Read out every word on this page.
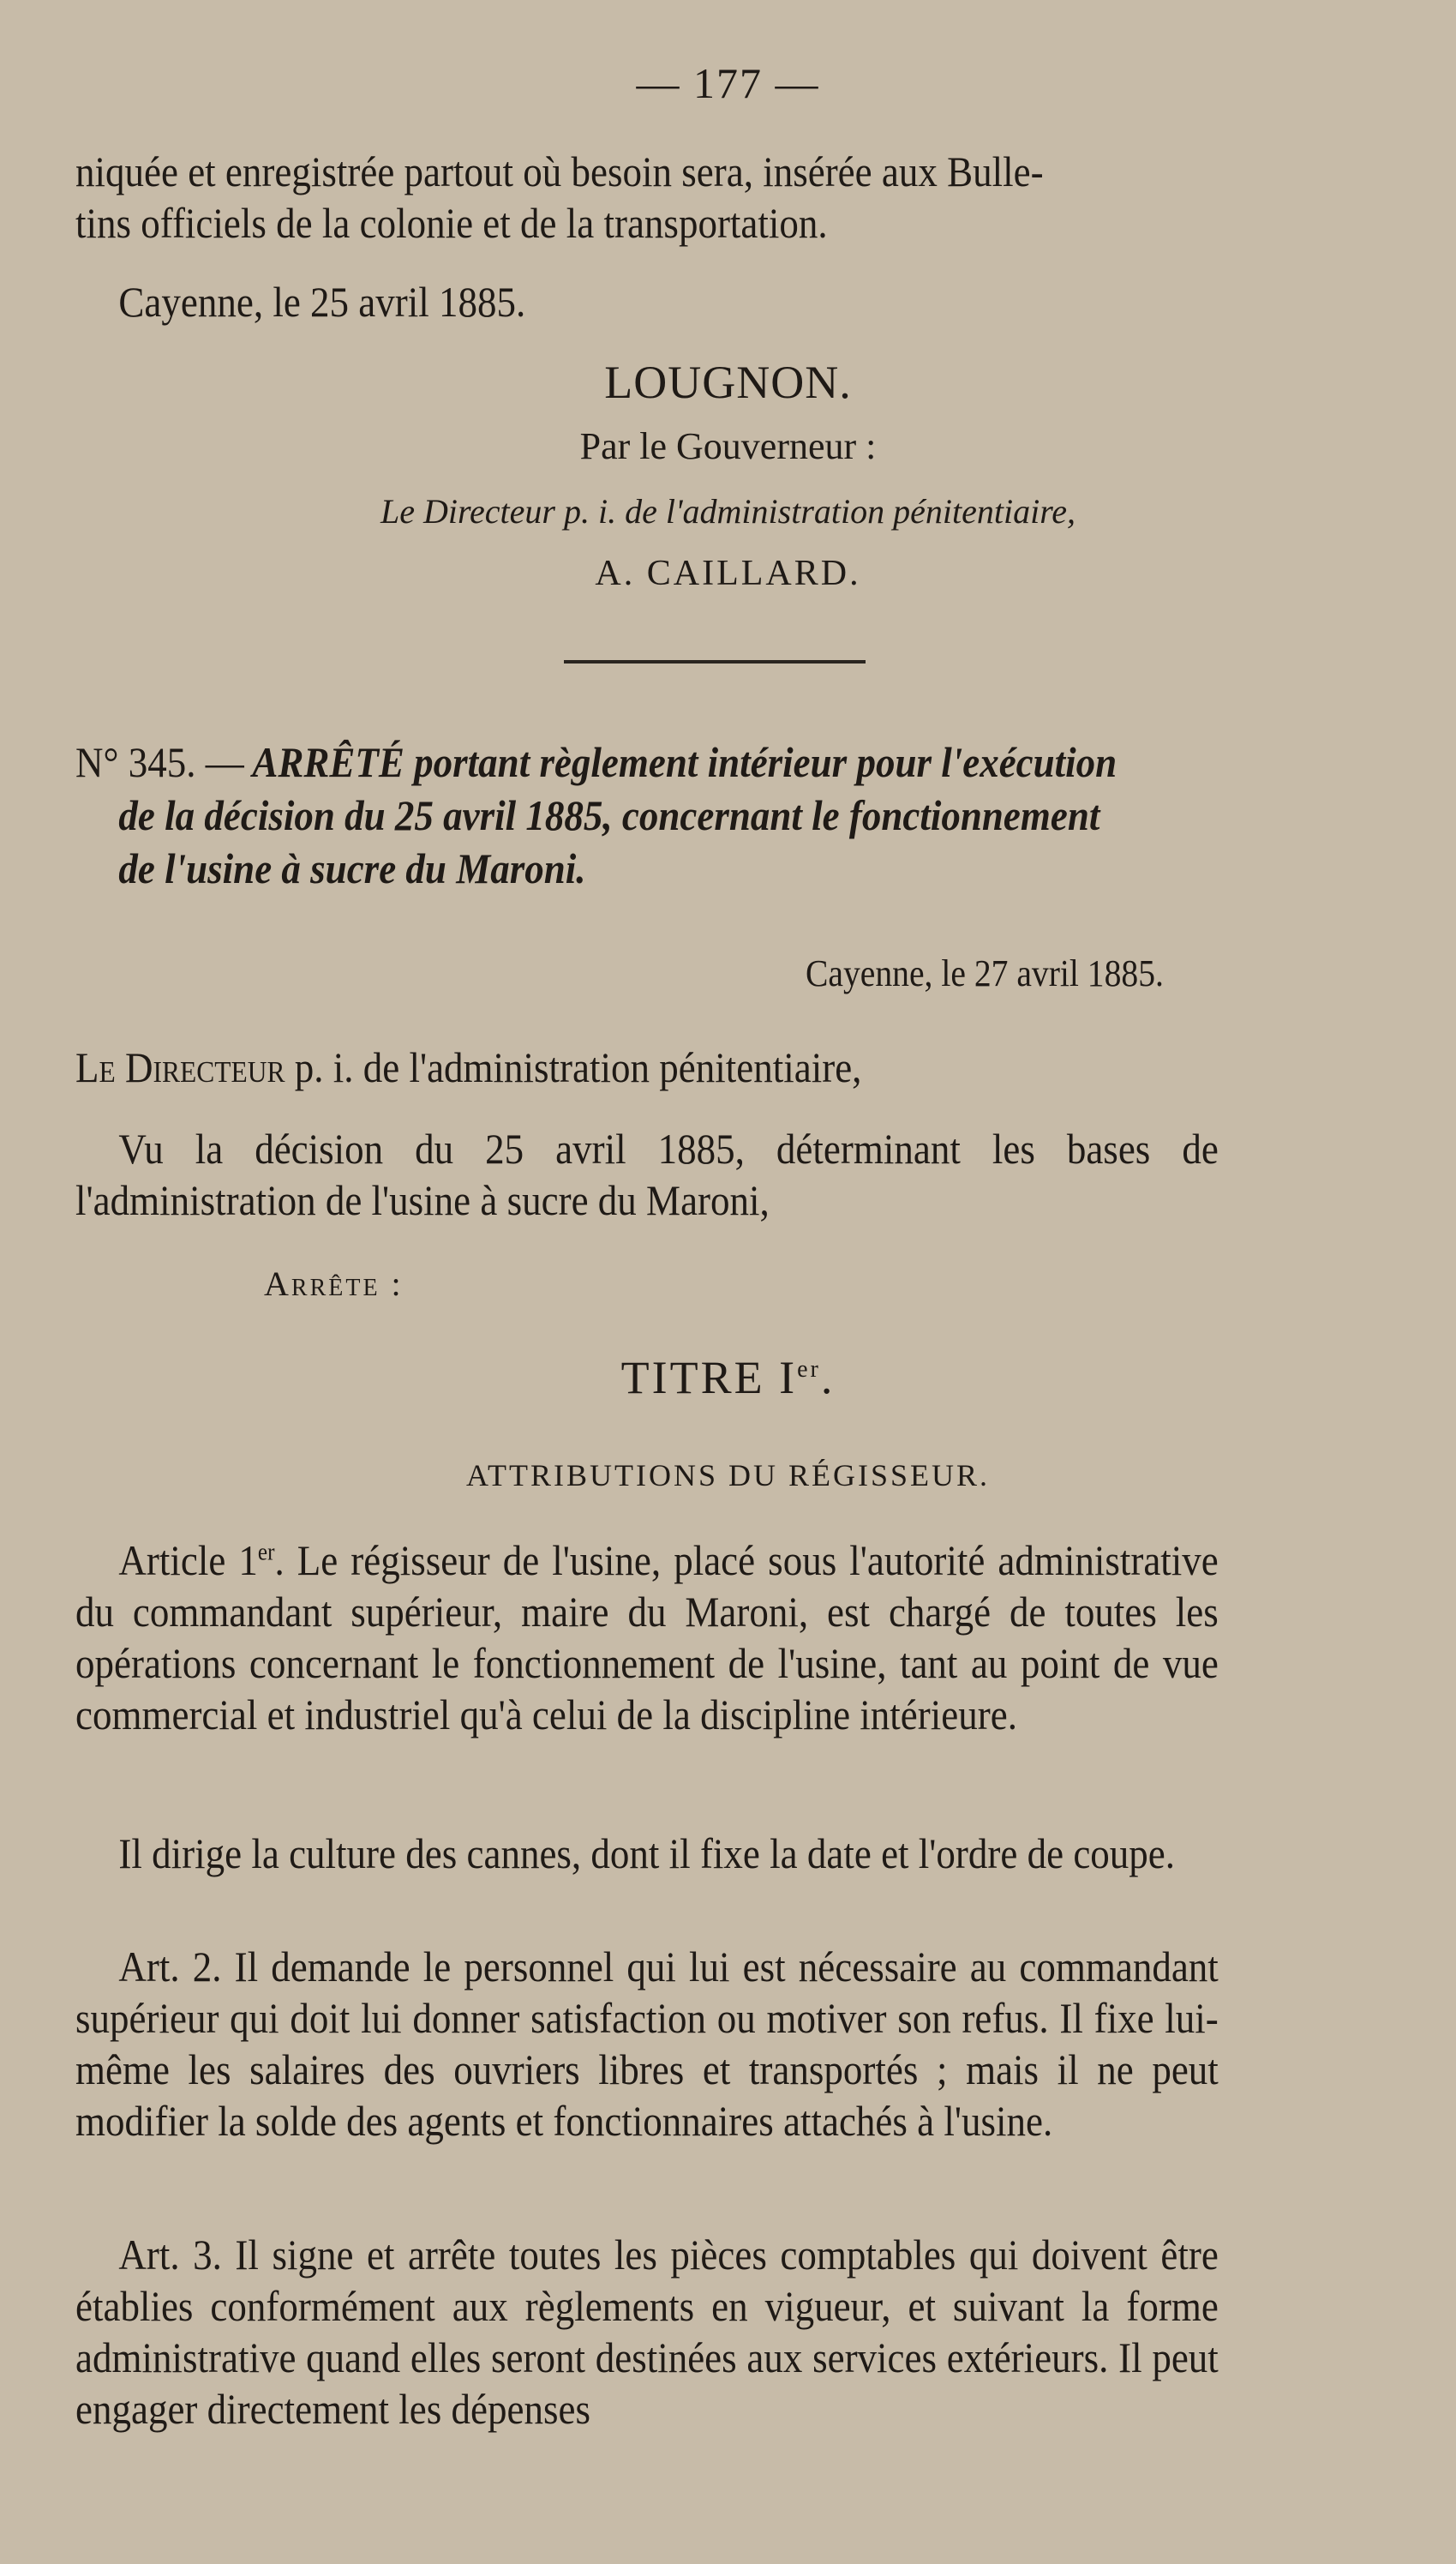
— 177 —
niquée et enregistrée partout où besoin sera, insérée aux Bulle-
tins officiels de la colonie et de la transportation.
Cayenne, le 25 avril 1885.
LOUGNON.
Par le Gouverneur :
Le Directeur p. i. de l'administration pénitentiaire,
A. CAILLARD.
N° 345. — ARRÊTÉ portant règlement intérieur pour l'exécution
de la décision du 25 avril 1885, concernant le fonctionnement
de l'usine à sucre du Maroni.
Cayenne, le 27 avril 1885.
Le Directeur p. i. de l'administration pénitentiaire,
Vu la décision du 25 avril 1885, déterminant les bases de l'administration de l'usine à sucre du Maroni,
Arrête :
TITRE Ier.
ATTRIBUTIONS DU RÉGISSEUR.
Article 1er. Le régisseur de l'usine, placé sous l'autorité administrative du commandant supérieur, maire du Maroni, est chargé de toutes les opérations concernant le fonctionnement de l'usine, tant au point de vue commercial et industriel qu'à celui de la discipline intérieure.
Il dirige la culture des cannes, dont il fixe la date et l'ordre de coupe.
Art. 2. Il demande le personnel qui lui est nécessaire au commandant supérieur qui doit lui donner satisfaction ou motiver son refus. Il fixe lui-même les salaires des ouvriers libres et transportés ; mais il ne peut modifier la solde des agents et fonctionnaires attachés à l'usine.
Art. 3. Il signe et arrête toutes les pièces comptables qui doivent être établies conformément aux règlements en vigueur, et suivant la forme administrative quand elles seront destinées aux services extérieurs. Il peut engager directement les dépenses
